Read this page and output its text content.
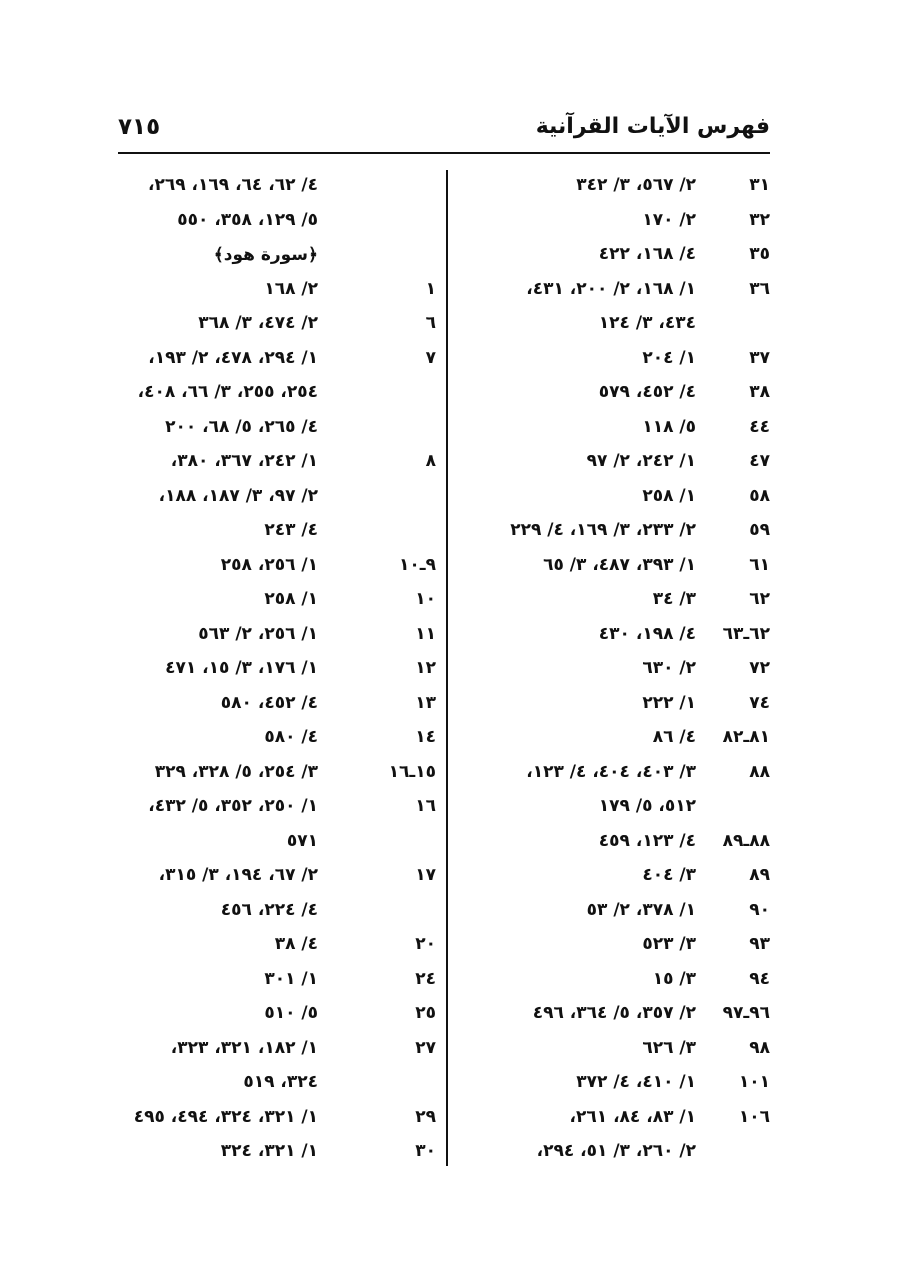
فهرس الآيات القرآنية
٧١٥
٣١
٢/ ٥٦٧، ٣/ ٣٤٢
٣٢
٢/ ١٧٠
٣٥
٤/ ١٦٨، ٤٢٢
٣٦
١/ ١٦٨، ٢/ ٢٠٠، ٤٣١،
٤٣٤، ٣/ ١٢٤
٣٧
١/ ٢٠٤
٣٨
٤/ ٤٥٢، ٥٧٩
٤٤
٥/ ١١٨
٤٧
١/ ٢٤٢، ٢/ ٩٧
٥٨
١/ ٢٥٨
٥٩
٢/ ٢٣٣، ٣/ ١٦٩، ٤/ ٢٢٩
٦١
١/ ٣٩٣، ٤٨٧، ٣/ ٦٥
٦٢
٣/ ٣٤
٦٢ـ٦٣
٤/ ١٩٨، ٤٣٠
٧٢
٢/ ٦٣٠
٧٤
١/ ٢٢٢
٨١ـ٨٢
٤/ ٨٦
٨٨
٣/ ٤٠٣، ٤٠٤، ٤/ ١٢٣،
٥١٢، ٥/ ١٧٩
٨٨ـ٨٩
٤/ ١٢٣، ٤٥٩
٨٩
٣/ ٤٠٤
٩٠
١/ ٣٧٨، ٢/ ٥٣
٩٣
٣/ ٥٢٣
٩٤
٣/ ١٥
٩٦ـ٩٧
٢/ ٣٥٧، ٥/ ٣٦٤، ٤٩٦
٩٨
٣/ ٦٢٦
١٠١
١/ ٤١٠، ٤/ ٣٧٢
١٠٦
١/ ٨٣، ٨٤، ٢٦١،
٢/ ٢٦٠، ٣/ ٥١، ٢٩٤،
٤/ ٦٢، ٦٤، ١٦٩، ٢٦٩،
٥/ ١٢٩، ٣٥٨، ٥٥٠
﴿سورة هود﴾
١
٢/ ١٦٨
٦
٢/ ٤٧٤، ٣/ ٣٦٨
٧
١/ ٢٩٤، ٤٧٨، ٢/ ١٩٣،
٢٥٤، ٢٥٥، ٣/ ٦٦، ٤٠٨،
٤/ ٢٦٥، ٥/ ٦٨، ٢٠٠
٨
١/ ٢٤٢، ٣٦٧، ٣٨٠،
٢/ ٩٧، ٣/ ١٨٧، ١٨٨،
٤/ ٢٤٣
٩ـ١٠
١/ ٢٥٦، ٢٥٨
١٠
١/ ٢٥٨
١١
١/ ٢٥٦، ٢/ ٥٦٣
١٢
١/ ١٧٦، ٣/ ١٥، ٤٧١
١٣
٤/ ٤٥٢، ٥٨٠
١٤
٤/ ٥٨٠
١٥ـ١٦
٣/ ٢٥٤، ٥/ ٣٢٨، ٣٢٩
١٦
١/ ٢٥٠، ٣٥٢، ٥/ ٤٣٢،
٥٧١
١٧
٢/ ٦٧، ١٩٤، ٣/ ٣١٥،
٤/ ٢٢٤، ٤٥٦
٢٠
٤/ ٣٨
٢٤
١/ ٣٠١
٢٥
٥/ ٥١٠
٢٧
١/ ١٨٢، ٣٢١، ٣٢٣،
٣٢٤، ٥١٩
٢٩
١/ ٣٢١، ٣٢٤، ٤٩٤، ٤٩٥
٣٠
١/ ٣٢١، ٣٢٤
